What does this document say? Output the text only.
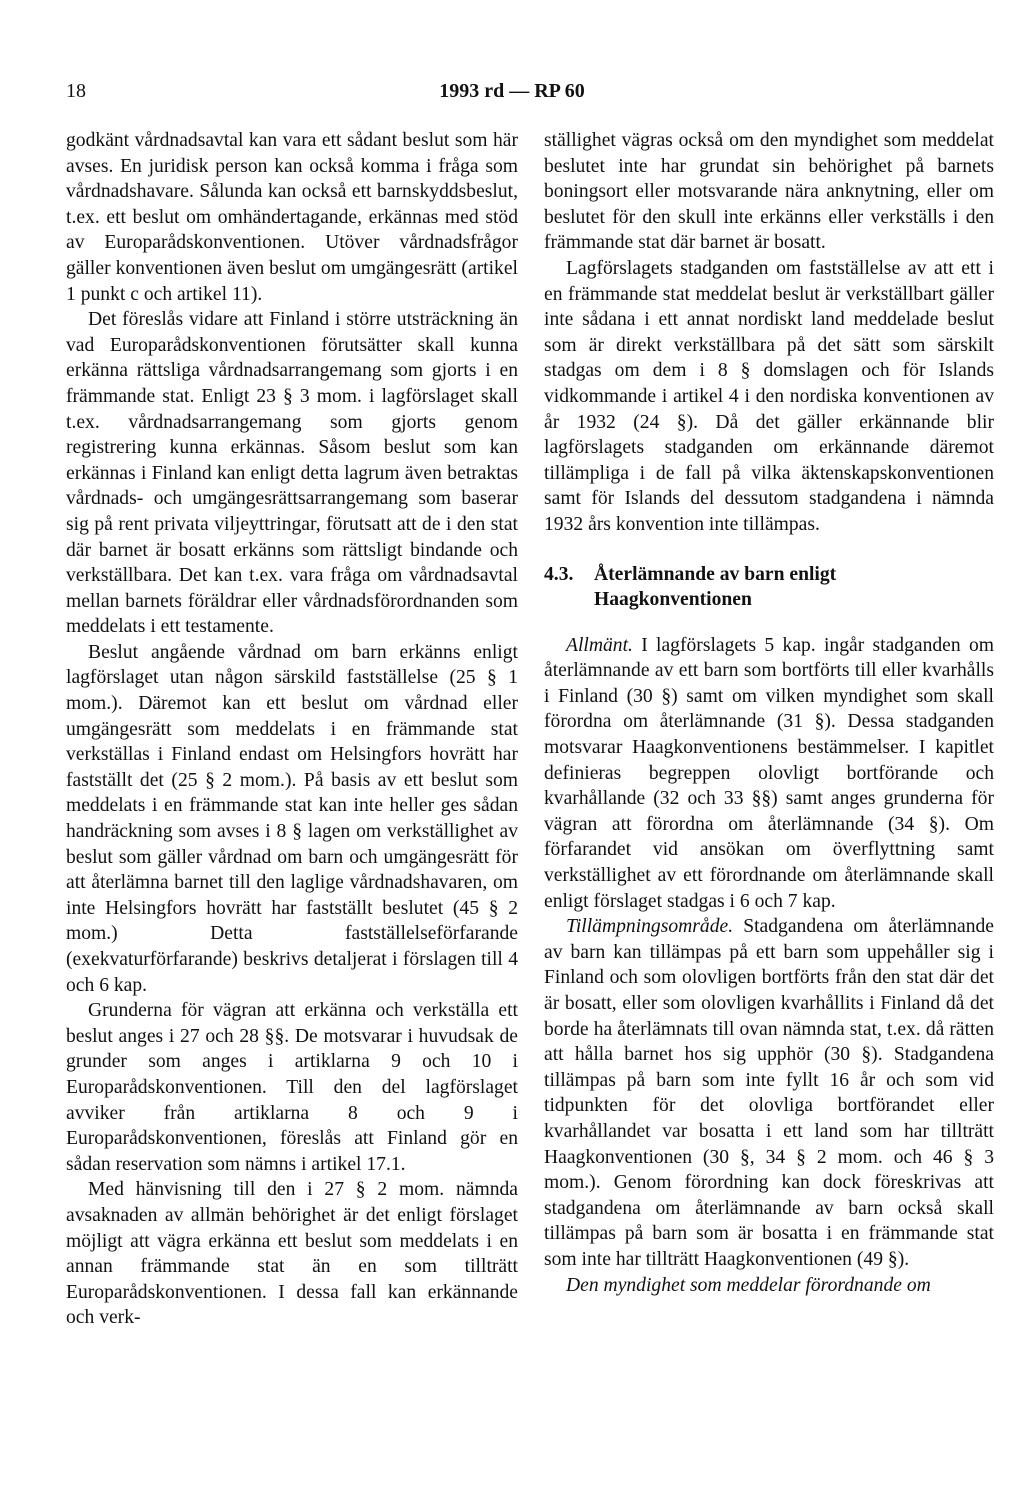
18	1993 rd — RP 60

godkänt vårdnadsavtal kan vara ett sådant beslut som här avses. En juridisk person kan också komma i fråga som vårdnadshavare. Sålunda kan också ett barnskyddsbeslut, t.ex. ett beslut om omhändertagande, erkännas med stöd av Europarådskonventionen. Utöver vårdnadsfrågor gäller konventionen även beslut om umgängesrätt (artikel 1 punkt c och artikel 11).

Det föreslås vidare att Finland i större utsträckning än vad Europarådskonventionen förutsätter skall kunna erkänna rättsliga vårdnadsarrangemang som gjorts i en främmande stat. Enligt 23 § 3 mom. i lagförslaget skall t.ex. vårdnadsarrangemang som gjorts genom registrering kunna erkännas. Såsom beslut som kan erkännas i Finland kan enligt detta lagrum även betraktas vårdnads- och umgängesrättsarrangemang som baserar sig på rent privata viljeyttringar, förutsatt att de i den stat där barnet är bosatt erkänns som rättsligt bindande och verkställbara. Det kan t.ex. vara fråga om vårdnadsavtal mellan barnets föräldrar eller vårdnadsförordnanden som meddelats i ett testamente.

Beslut angående vårdnad om barn erkänns enligt lagförslaget utan någon särskild fastställelse (25 § 1 mom.). Däremot kan ett beslut om vårdnad eller umgängesrätt som meddelats i en främmande stat verkställas i Finland endast om Helsingfors hovrätt har fastställt det (25 § 2 mom.). På basis av ett beslut som meddelats i en främmande stat kan inte heller ges sådan handräckning som avses i 8 § lagen om verkställighet av beslut som gäller vårdnad om barn och umgängesrätt för att återlämna barnet till den laglige vårdnadshavaren, om inte Helsingfors hovrätt har fastställt beslutet (45 § 2 mom.) Detta fastställelseförfarande (exekvaturförfarande) beskrivs detaljerat i förslagen till 4 och 6 kap.

Grunderna för vägran att erkänna och verkställa ett beslut anges i 27 och 28 §§. De motsvarar i huvudsak de grunder som anges i artiklarna 9 och 10 i Europarådskonventionen. Till den del lagförslaget avviker från artiklarna 8 och 9 i Europarådskonventionen, föreslås att Finland gör en sådan reservation som nämns i artikel 17.1.

Med hänvisning till den i 27 § 2 mom. nämnda avsaknaden av allmän behörighet är det enligt förslaget möjligt att vägra erkänna ett beslut som meddelats i en annan främmande stat än en som tillträtt Europarådskonventionen. I dessa fall kan erkännande och verk-

ställighet vägras också om den myndighet som meddelat beslutet inte har grundat sin behörighet på barnets boningsort eller motsvarande nära anknytning, eller om beslutet för den skull inte erkänns eller verkställs i den främmande stat där barnet är bosatt.

Lagförslagets stadganden om fastställelse av att ett i en främmande stat meddelat beslut är verkställbart gäller inte sådana i ett annat nordiskt land meddelade beslut som är direkt verkställbara på det sätt som särskilt stadgas om dem i 8 § domslagen och för Islands vidkommande i artikel 4 i den nordiska konventionen av år 1932 (24 §). Då det gäller erkännande blir lagförslagets stadganden om erkännande däremot tillämpliga i de fall på vilka äktenskapskonventionen samt för Islands del dessutom stadgandena i nämnda 1932 års konvention inte tillämpas.

4.3.	Återlämnande av barn enligt Haagkonventionen

Allmänt. I lagförslagets 5 kap. ingår stadganden om återlämnande av ett barn som bortförts till eller kvarhålls i Finland (30 §) samt om vilken myndighet som skall förordna om återlämnande (31 §). Dessa stadganden motsvarar Haagkonventionens bestämmelser. I kapitlet definieras begreppen olovligt bortförande och kvarhållande (32 och 33 §§) samt anges grunderna för vägran att förordna om återlämnande (34 §). Om förfarandet vid ansökan om överflyttning samt verkställighet av ett förordnande om återlämnande skall enligt förslaget stadgas i 6 och 7 kap.

Tillämpningsområde. Stadgandena om återlämnande av barn kan tillämpas på ett barn som uppehåller sig i Finland och som olovligen bortförts från den stat där det är bosatt, eller som olovligen kvarhållits i Finland då det borde ha återlämnats till ovan nämnda stat, t.ex. då rätten att hålla barnet hos sig upphör (30 §). Stadgandena tillämpas på barn som inte fyllt 16 år och som vid tidpunkten för det olovliga bortförandet eller kvarhållandet var bosatta i ett land som har tillträtt Haagkonventionen (30 §, 34 § 2 mom. och 46 § 3 mom.). Genom förordning kan dock föreskrivas att stadgandena om återlämnande av barn också skall tillämpas på barn som är bosatta i en främmande stat som inte har tillträtt Haagkonventionen (49 §).

Den myndighet som meddelar förordnande om
